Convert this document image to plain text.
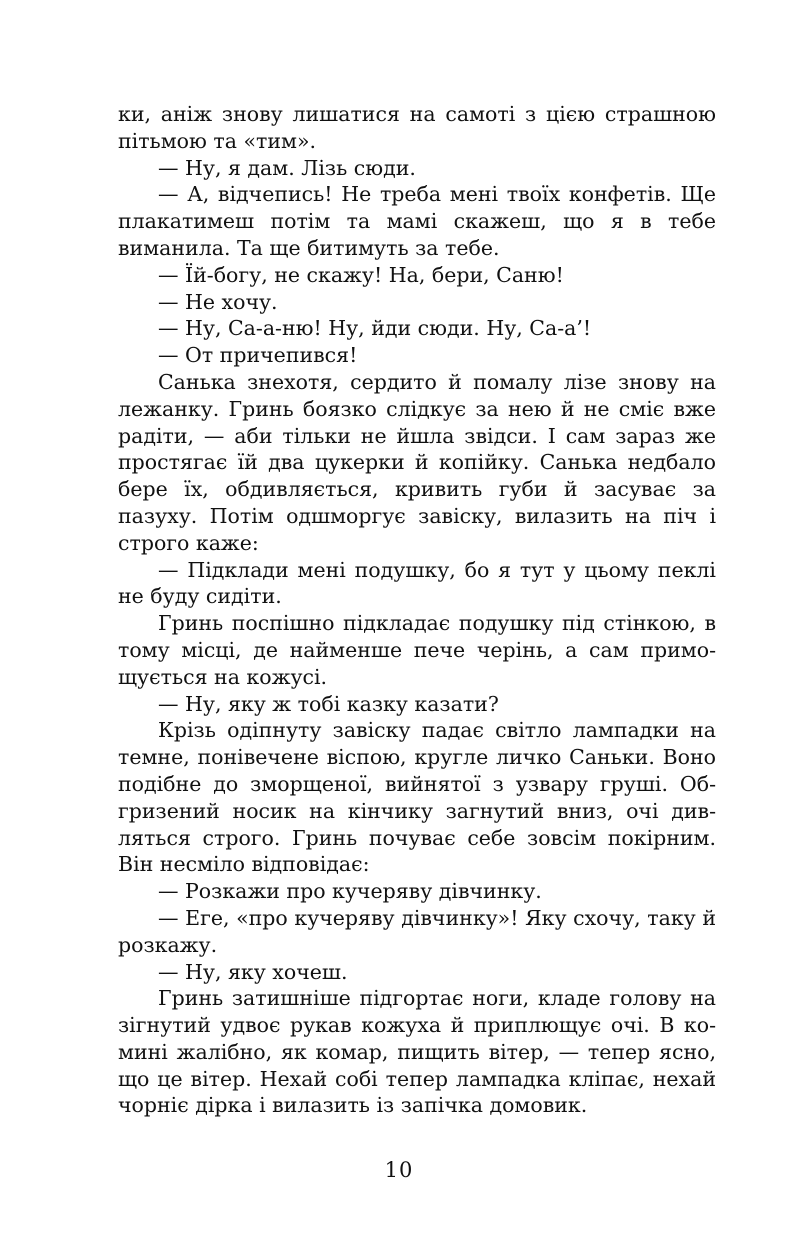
ки, аніж знову лишатися на самоті з цією страшною пітьмою та «тим».

— Ну, я дам. Лізь сюди.

— А, відчепись! Не треба мені твоїх конфетів. Ще плакатимеш потім та мамі скажеш, що я в тебе виманила. Та ще битимуть за тебе.

— Їй-богу, не скажу! На, бери, Саню!

— Не хочу.

— Ну, Са-а-ню! Ну, йди сюди. Ну, Са-а’!

— От причепився!

Санька знехотя, сердито й помалу лізе знову на лежанку. Гринь боязко слідкує за нею й не сміє вже радіти, — аби тільки не йшла звідси. І сам зараз же простягає їй два цукерки й копійку. Санька недбало бере їх, обдивляється, кривить губи й засуває за пазуху. Потім одшморгує завіску, вилазить на піч і строго каже:

— Підклади мені подушку, бо я тут у цьому пеклі не буду сидіти.

Гринь поспішно підкладає подушку під стінкою, в тому місці, де найменше пече черінь, а сам примощується на кожусі.

— Ну, яку ж тобі казку казати?

Крізь одіпнуту завіску падає світло лампадки на темне, понівечене віспою, кругле личко Саньки. Воно подібне до зморщеної, вийнятої з узвару груші. Обгризений носик на кінчику загнутий вниз, очі дивляться строго. Гринь почуває себе зовсім покірним. Він несміло відповідає:

— Розкажи про кучеряву дівчинку.

— Еге, «про кучеряву дівчинку»! Яку схочу, таку й розкажу.

— Ну, яку хочеш.

Гринь затишніше підгортає ноги, кладе голову на зігнутий удвоє рукав кожуха й приплющує очі. В комині жалібно, як комар, пищить вітер, — тепер ясно, що це вітер. Нехай собі тепер лампадка кліпає, нехай чорніє дірка і вилазить із запічка домовик.

10
